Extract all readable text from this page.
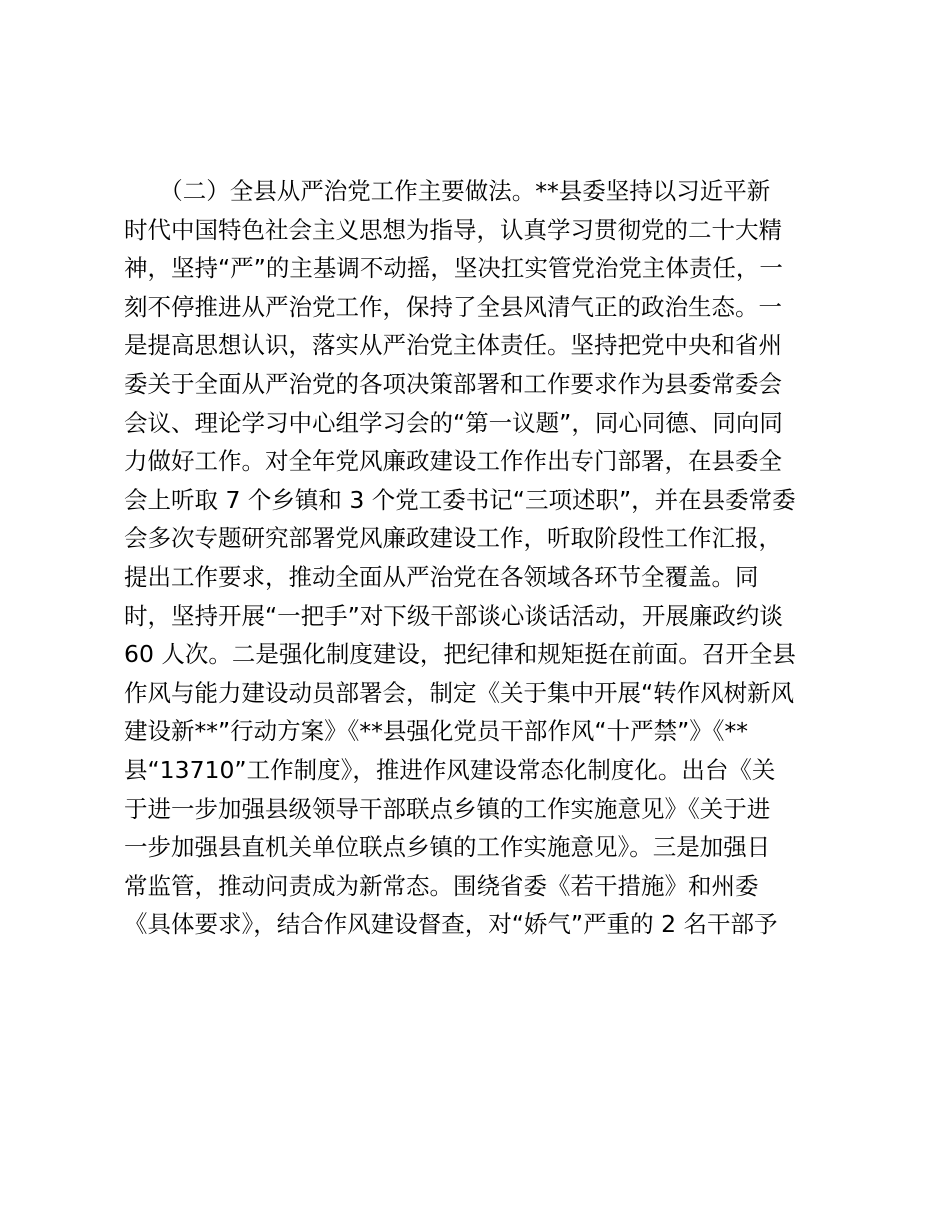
　　（二）全县从严治党工作主要做法。**县委坚持以习近平新
时代中国特色社会主义思想为指导，认真学习贯彻党的二十大精
神，坚持“严”的主基调不动摇，坚决扛实管党治党主体责任，一
刻不停推进从严治党工作，保持了全县风清气正的政治生态。一
是提高思想认识，落实从严治党主体责任。坚持把党中央和省州
委关于全面从严治党的各项决策部署和工作要求作为县委常委会
会议、理论学习中心组学习会的“第一议题”，同心同德、同向同
力做好工作。对全年党风廉政建设工作作出专门部署，在县委全
会上听取 7 个乡镇和 3 个党工委书记“三项述职”，并在县委常委
会多次专题研究部署党风廉政建设工作，听取阶段性工作汇报，
提出工作要求，推动全面从严治党在各领域各环节全覆盖。同
时，坚持开展“一把手”对下级干部谈心谈话活动，开展廉政约谈
60 人次。二是强化制度建设，把纪律和规矩挺在前面。召开全县
作风与能力建设动员部署会，制定《关于集中开展“转作风树新风
建设新**”行动方案》《**县强化党员干部作风“十严禁”》《**
县“13710”工作制度》，推进作风建设常态化制度化。出台《关
于进一步加强县级领导干部联点乡镇的工作实施意见》《关于进
一步加强县直机关单位联点乡镇的工作实施意见》。三是加强日
常监管，推动问责成为新常态。围绕省委《若干措施》和州委
《具体要求》，结合作风建设督查，对“娇气”严重的 2 名干部予
